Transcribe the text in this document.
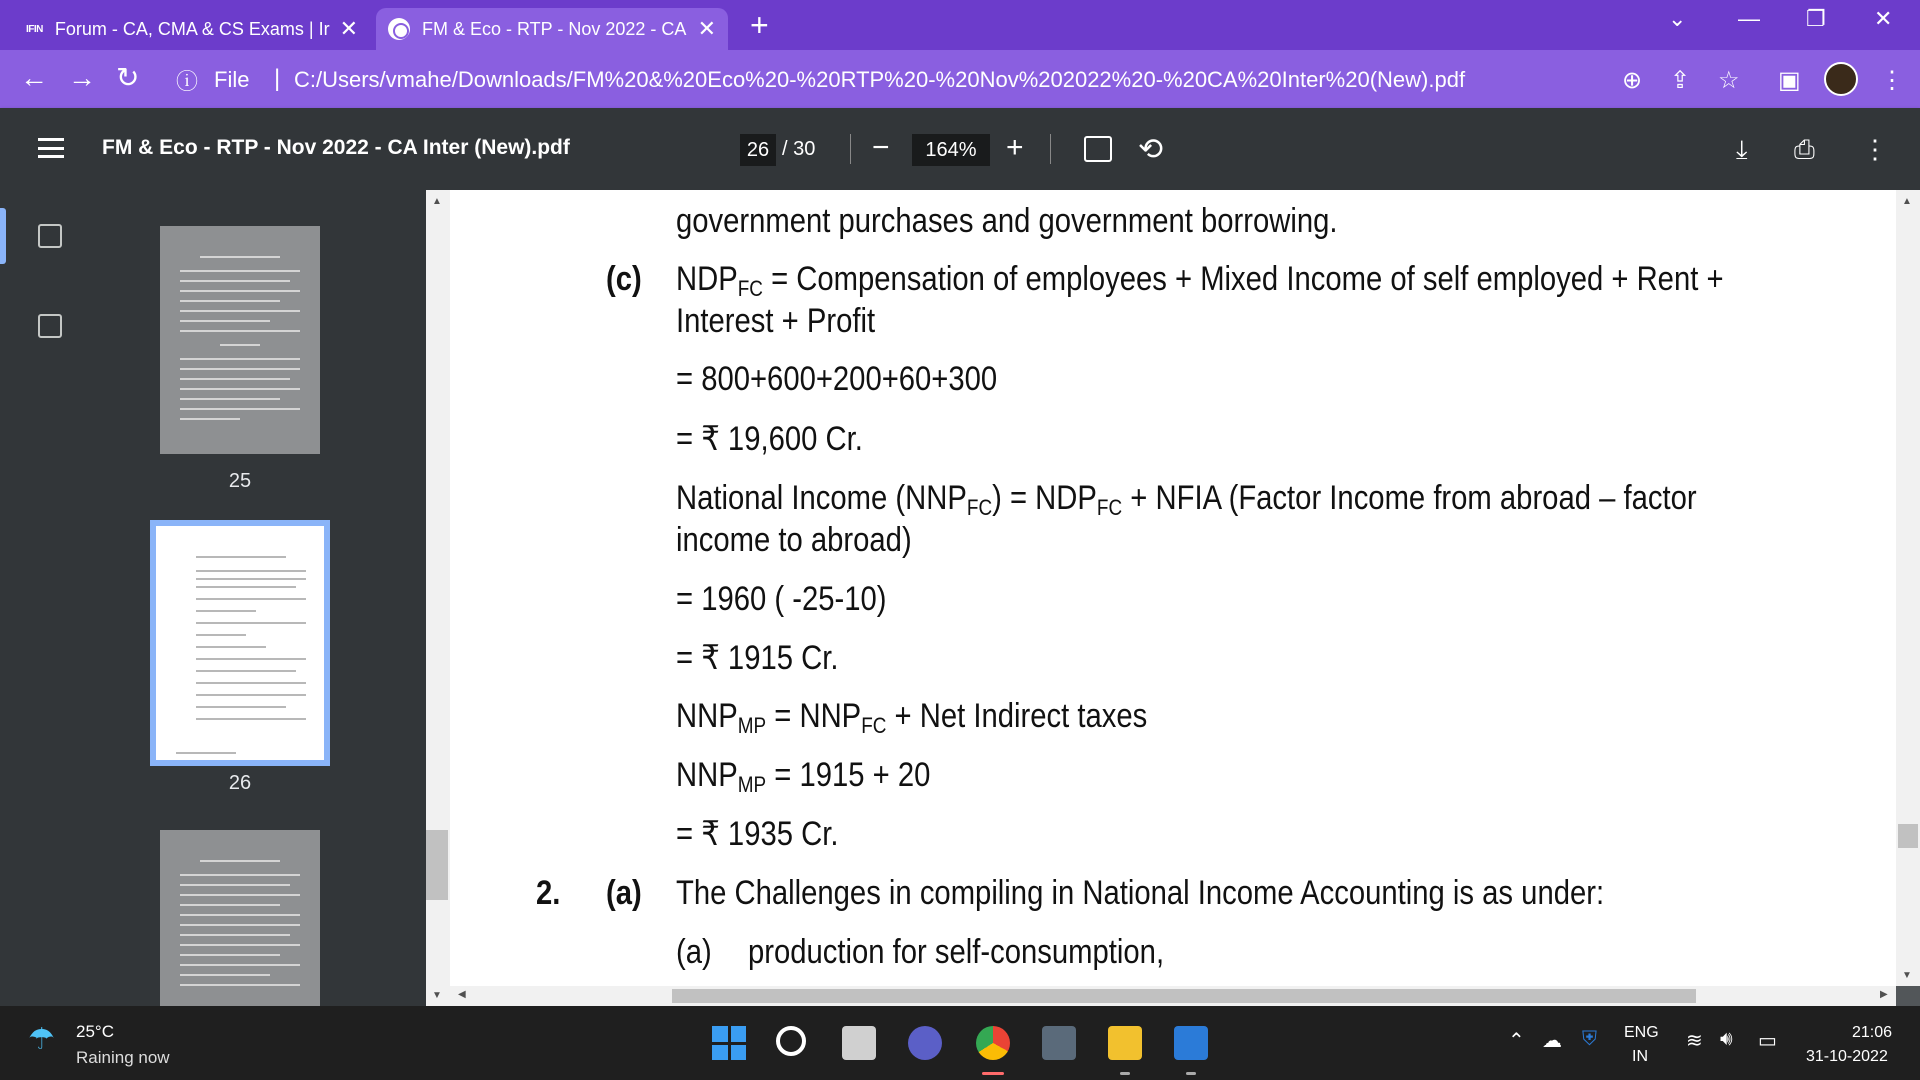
IFIN Forum - CA, CMA & CS Exams | Ir ✕	FM & Eco - RTP - Nov 2022 - CA ✕ +	⌄ — ❐ ✕
← → ↻ ⓘ File | C:/Users/vmahe/Downloads/FM%20&%20Eco%20-%20RTP%20-%20Nov%202022%20-%20CA%20Inter%20(New).pdf	⊕ ⇪ ☆ ▣	⋮
FM & Eco - RTP - Nov 2022 - CA Inter (New).pdf	26 / 30 −	164% +	⟲	⤓ ⎙ ⋮
25
26
▲
▼
government purchases and government borrowing.
(c) $NDP_{FC}$ = Compensation of employees + Mixed Income of self employed + Rent +
Interest + Profit
= 800+600+200+60+300
= ₹ 19,600 Cr.
National Income $(NNP_{FC}) = NDP_{FC}$ + NFIA (Factor Income from abroad – factor
income to abroad)
= 1960 ( -25-10)
= ₹ 1915 Cr.
$NNP_{MP} = NNP_{FC}$ + Net Indirect taxes
$NNP_{MP} = 1915 + 20$
= ₹ 1935 Cr.
2. (a) The Challenges in compiling in National Income Accounting is as under:
(a) production for self-consumption,
▲
▼
◀	▶
☂ 25°C
Raining now
⌃ ☁ ⛨ ENG
IN
≋ 🔊︎ ▭	21:06
31-10-2022
